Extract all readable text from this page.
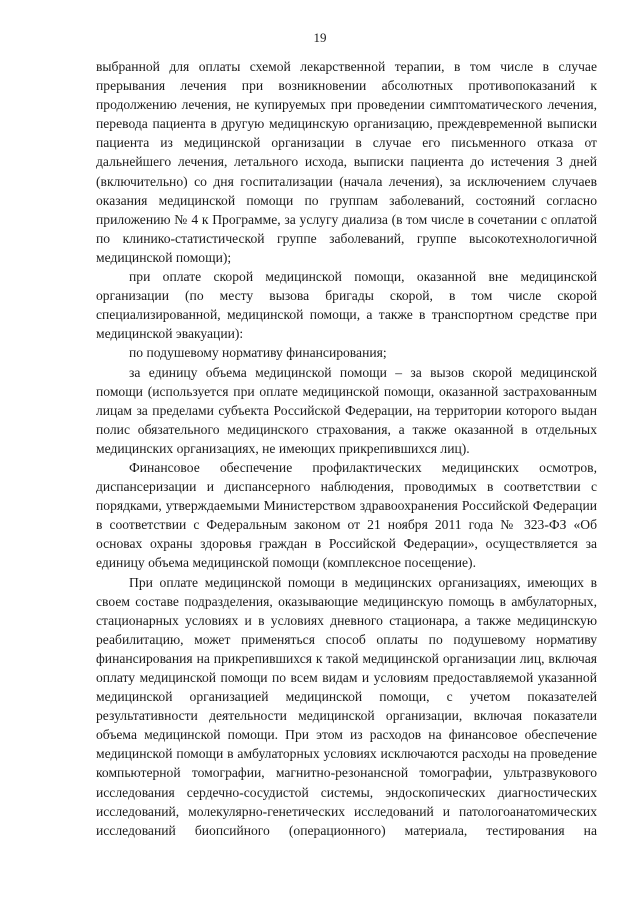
19

выбранной для оплаты схемой лекарственной терапии, в том числе в случае прерывания лечения при возникновении абсолютных противопоказаний к продолжению лечения, не купируемых при проведении симптоматического лечения, перевода пациента в другую медицинскую организацию, преждевременной выписки пациента из медицинской организации в случае его письменного отказа от дальнейшего лечения, летального исхода, выписки пациента до истечения 3 дней (включительно) со дня госпитализации (начала лечения), за исключением случаев оказания медицинской помощи по группам заболеваний, состояний согласно приложению № 4 к Программе, за услугу диализа (в том числе в сочетании с оплатой по клинико-статистической группе заболеваний, группе высокотехнологичной медицинской помощи);

при оплате скорой медицинской помощи, оказанной вне медицинской организации (по месту вызова бригады скорой, в том числе скорой специализированной, медицинской помощи, а также в транспортном средстве при медицинской эвакуации):

по подушевому нормативу финансирования;

за единицу объема медицинской помощи – за вызов скорой медицинской помощи (используется при оплате медицинской помощи, оказанной застрахованным лицам за пределами субъекта Российской Федерации, на территории которого выдан полис обязательного медицинского страхования, а также оказанной в отдельных медицинских организациях, не имеющих прикрепившихся лиц).

Финансовое обеспечение профилактических медицинских осмотров, диспансеризации и диспансерного наблюдения, проводимых в соответствии с порядками, утверждаемыми Министерством здравоохранения Российской Федерации в соответствии с Федеральным законом от 21 ноября 2011 года № 323-ФЗ «Об основах охраны здоровья граждан в Российской Федерации», осуществляется за единицу объема медицинской помощи (комплексное посещение).

При оплате медицинской помощи в медицинских организациях, имеющих в своем составе подразделения, оказывающие медицинскую помощь в амбулаторных, стационарных условиях и в условиях дневного стационара, а также медицинскую реабилитацию, может применяться способ оплаты по подушевому нормативу финансирования на прикрепившихся к такой медицинской организации лиц, включая оплату медицинской помощи по всем видам и условиям предоставляемой указанной медицинской организацией медицинской помощи, с учетом показателей результативности деятельности медицинской организации, включая показатели объема медицинской помощи. При этом из расходов на финансовое обеспечение медицинской помощи в амбулаторных условиях исключаются расходы на проведение компьютерной томографии, магнитно-резонансной томографии, ультразвукового исследования сердечно-сосудистой системы, эндоскопических диагностических исследований, молекулярно-генетических исследований и патологоанатомических исследований биопсийного (операционного) материала, тестирования на
